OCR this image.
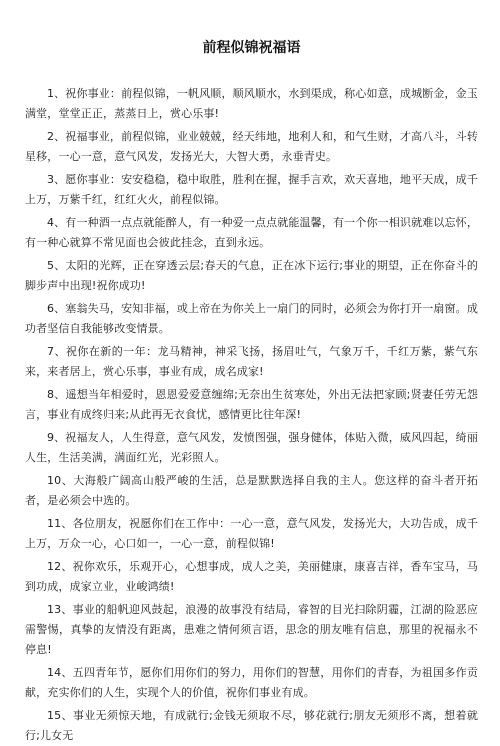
前程似锦祝福语

1、祝你事业：前程似锦，一帆风顺，顺风顺水，水到渠成，称心如意，成城断金，金玉满堂，堂堂正正，蒸蒸日上，赏心乐事!

2、祝福事业，前程似锦，业业兢兢，经天纬地，地利人和，和气生财，才高八斗，斗转星移，一心一意，意气风发，发扬光大，大智大勇，永垂青史。

3、愿你事业：安安稳稳，稳中取胜，胜利在握，握手言欢，欢天喜地，地平天成，成千上万，万紫千红，红红火火，前程似锦。

4、有一种酒一点点就能醉人，有一种爱一点点就能温馨，有一个你一相识就难以忘怀，有一种心就算不常见面也会彼此挂念，直到永远。

5、太阳的光辉，正在穿透云层;春天的气息，正在冰下运行;事业的期望，正在你奋斗的脚步声中出现!祝你成功!

6、塞翁失马，安知非福，或上帝在为你关上一扇门的同时，必须会为你打开一扇窗。成功者坚信自我能够改变情景。

7、祝你在新的一年：龙马精神，神采飞扬，扬眉吐气，气象万千，千红万紫，紫气东来，来者居上，赏心乐事，事业有成，成名成家!

8、遥想当年相爱时，恩恩爱爱意缠绵;无奈出生贫寒处，外出无法把家顾;贤妻任劳无怨言，事业有成终归来;从此再无衣食忧，感情更比往年深!

9、祝福友人，人生得意，意气风发，发愤图强，强身健体，体贴入微，威风四起，绮丽人生，生活美满，满面红光，光彩照人。

10、大海般广阔高山般严峻的生活，总是默默选择自我的主人。您这样的奋斗者开拓者，是必须会中选的。

11、各位朋友，祝愿你们在工作中：一心一意，意气风发，发扬光大，大功告成，成千上万，万众一心，心口如一，一心一意，前程似锦!

12、祝你欢乐，乐观开心，心想事成，成人之美，美丽健康，康喜吉祥，香车宝马，马到功成，成家立业，业峻鸿绩!

13、事业的船帆迎风鼓起，浪漫的故事没有结局，睿智的目光扫除阴霾，江湖的险恶应需警惕，真挚的友情没有距离，患难之情何须言语，思念的朋友唯有信息，那里的祝福永不停息!

14、五四青年节，愿你们用你们的努力，用你们的智慧，用你们的青春，为祖国多作贡献，充实你们的人生，实现个人的价值，祝你们事业有成。

15、事业无须惊天地，有成就行;金钱无须取不尽，够花就行;朋友无须形不离，想着就行;儿女无
